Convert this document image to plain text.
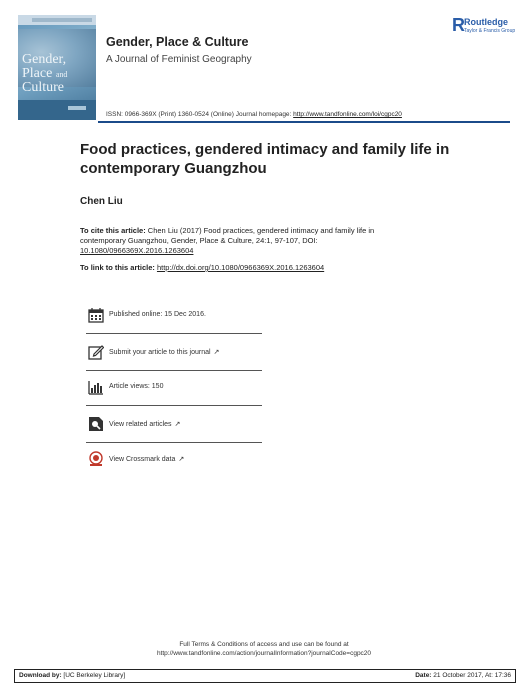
Gender,
Place and
Culture
Gender, Place & Culture
A Journal of Feminist Geography
R Routledge
Taylor & Francis Group
ISSN: 0966-369X (Print) 1360-0524 (Online) Journal homepage: http://www.tandfonline.com/loi/cgpc20
Food practices, gendered intimacy and family life in contemporary Guangzhou
Chen Liu
To cite this article: Chen Liu (2017) Food practices, gendered intimacy and family life in contemporary Guangzhou, Gender, Place & Culture, 24:1, 97-107, DOI: 10.1080/0966369X.2016.1263604
To link to this article: http://dx.doi.org/10.1080/0966369X.2016.1263604
Published online: 15 Dec 2016.
Submit your article to this journal ↗
Article views: 150
View related articles ↗
View Crossmark data ↗
Full Terms & Conditions of access and use can be found at
http://www.tandfonline.com/action/journalInformation?journalCode=cgpc20
Download by: [UC Berkeley Library]	Date: 21 October 2017, At: 17:36
